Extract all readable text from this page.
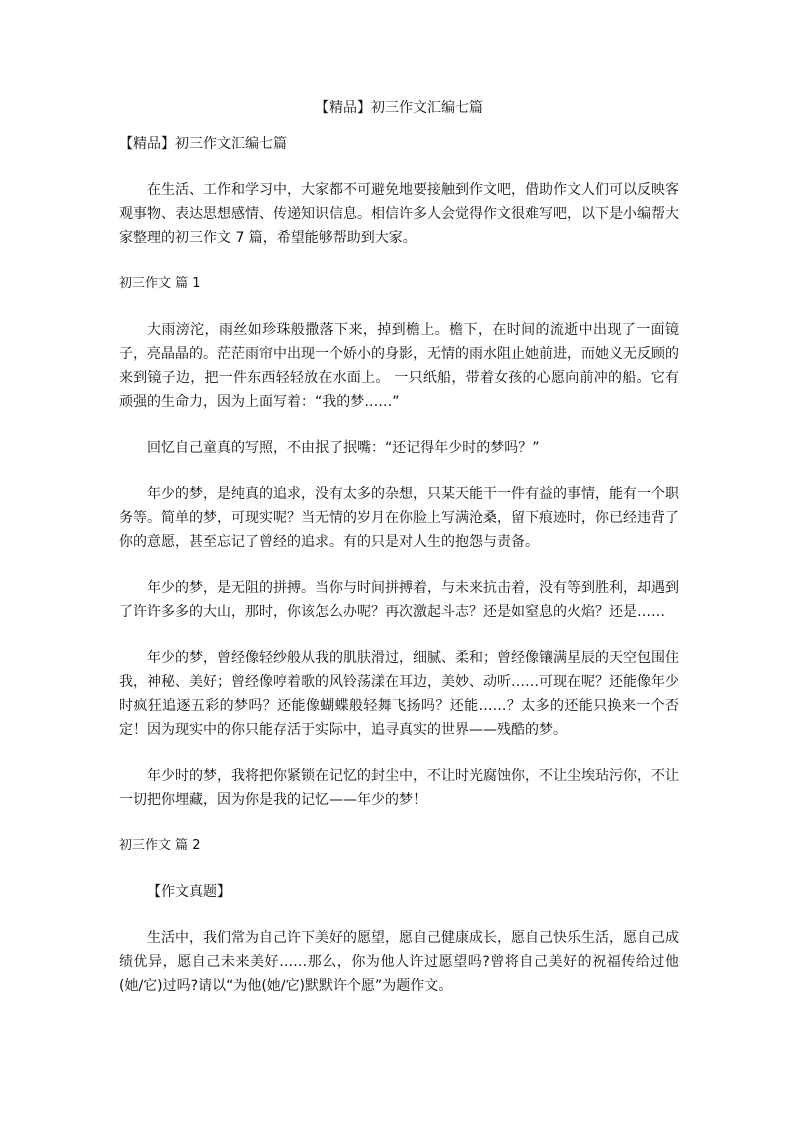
【精品】初三作文汇编七篇
【精品】初三作文汇编七篇

在生活、工作和学习中，大家都不可避免地要接触到作文吧，借助作文人们可以反映客观事物、表达思想感情、传递知识信息。相信许多人会觉得作文很难写吧，以下是小编帮大家整理的初三作文 7 篇，希望能够帮助到大家。

初三作文 篇 1

大雨滂沱，雨丝如珍珠般撒落下来，掉到檐上。檐下，在时间的流逝中出现了一面镜子，亮晶晶的。茫茫雨帘中出现一个娇小的身影，无情的雨水阻止她前进，而她义无反顾的来到镜子边，把一件东西轻轻放在水面上。 一只纸船，带着女孩的心愿向前冲的船。它有顽强的生命力，因为上面写着：“我的梦……”

回忆自己童真的写照，不由抿了抿嘴：“还记得年少时的梦吗？”

年少的梦，是纯真的追求，没有太多的杂想，只某天能干一件有益的事情，能有一个职务等。简单的梦，可现实呢？当无情的岁月在你脸上写满沧桑，留下痕迹时，你已经违背了你的意愿，甚至忘记了曾经的追求。有的只是对人生的抱怨与责备。

年少的梦，是无阻的拼搏。当你与时间拼搏着，与未来抗击着，没有等到胜利，却遇到了许许多多的大山，那时，你该怎么办呢？再次激起斗志？还是如窒息的火焰？还是……

年少的梦，曾经像轻纱般从我的肌肤滑过，细腻、柔和；曾经像镶满星辰的天空包围住我，神秘、美好；曾经像哼着歌的风铃荡漾在耳边，美妙、动听……可现在呢？还能像年少时疯狂追逐五彩的梦吗？还能像蝴蝶般轻舞飞扬吗？还能……？太多的还能只换来一个否定！因为现实中的你只能存活于实际中，追寻真实的世界——残酷的梦。

年少时的梦，我将把你紧锁在记忆的封尘中，不让时光腐蚀你，不让尘埃玷污你，不让一切把你埋藏，因为你是我的记忆——年少的梦！

初三作文 篇 2
【作文真题】

生活中，我们常为自己许下美好的愿望，愿自己健康成长，愿自己快乐生活，愿自己成绩优异，愿自己未来美好……那么，你为他人许过愿望吗?曾将自己美好的祝福传给过他(她/它)过吗?请以“为他(她/它)默默许个愿”为题作文。
